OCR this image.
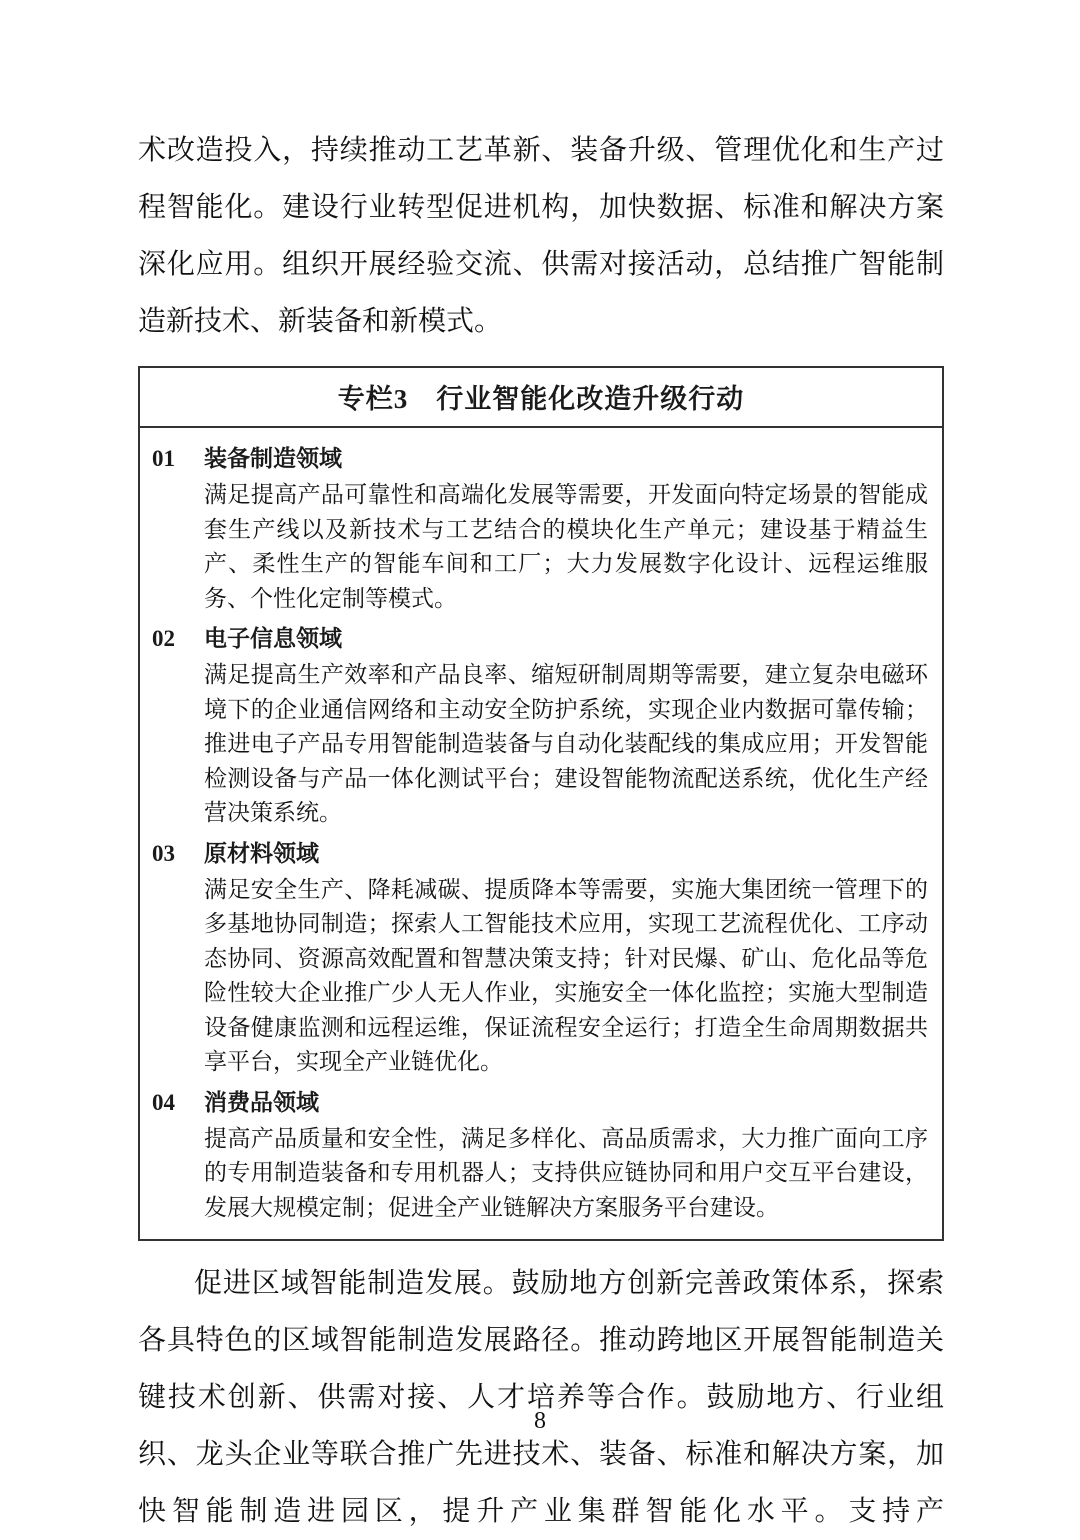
术改造投入，持续推动工艺革新、装备升级、管理优化和生产过程智能化。建设行业转型促进机构，加快数据、标准和解决方案深化应用。组织开展经验交流、供需对接活动，总结推广智能制造新技术、新装备和新模式。

专栏3　行业智能化改造升级行动
01	装备制造领域
满足提高产品可靠性和高端化发展等需要，开发面向特定场景的智能成套生产线以及新技术与工艺结合的模块化生产单元；建设基于精益生产、柔性生产的智能车间和工厂；大力发展数字化设计、远程运维服务、个性化定制等模式。
02	电子信息领域
满足提高生产效率和产品良率、缩短研制周期等需要，建立复杂电磁环境下的企业通信网络和主动安全防护系统，实现企业内数据可靠传输；推进电子产品专用智能制造装备与自动化装配线的集成应用；开发智能检测设备与产品一体化测试平台；建设智能物流配送系统，优化生产经营决策系统。
03	原材料领域
满足安全生产、降耗减碳、提质降本等需要，实施大集团统一管理下的多基地协同制造；探索人工智能技术应用，实现工艺流程优化、工序动态协同、资源高效配置和智慧决策支持；针对民爆、矿山、危化品等危险性较大企业推广少人无人作业，实施安全一体化监控；实施大型制造设备健康监测和远程运维，保证流程安全运行；打造全生命周期数据共享平台，实现全产业链优化。
04	消费品领域
提高产品质量和安全性，满足多样化、高品质需求，大力推广面向工序的专用制造装备和专用机器人；支持供应链协同和用户交互平台建设，发展大规模定制；促进全产业链解决方案服务平台建设。

促进区域智能制造发展。鼓励地方创新完善政策体系，探索各具特色的区域智能制造发展路径。推动跨地区开展智能制造关键技术创新、供需对接、人才培养等合作。鼓励地方、行业组织、龙头企业等联合推广先进技术、装备、标准和解决方案，加快智能制造进园区，提升产业集群智能化水平。支持产

8
